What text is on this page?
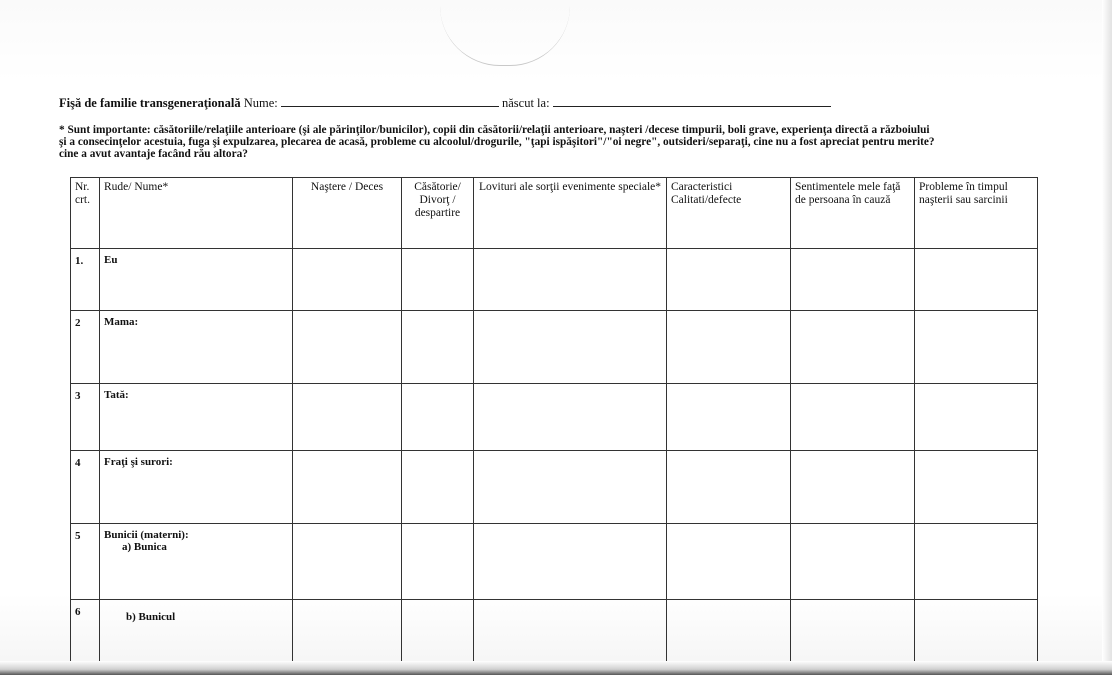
Fişă de familie transgeneraţională Nume:	născut la:
* Sunt importante: căsătoriile/relaţiile anterioare (şi ale părinţilor/bunicilor), copii din căsătorii/relaţii anterioare, naşteri /decese timpurii, boli grave, experienţa directă a războiului
şi a consecinţelor acestuia, fuga şi expulzarea, plecarea de acasă, probleme cu alcoolul/drogurile, "ţapi ispăşitori"/"oi negre", outsideri/separaţi, cine nu a fost apreciat pentru merite?
cine a avut avantaje facând rău altora?
Nr. crt.	Rude/ Nume*	Naştere / Deces	Căsătorie/ Divorţ / despartire	Lovituri ale sorţii evenimente speciale*	Caracteristici Calitati/defecte	Sentimentele mele faţă de persoana în cauză	Probleme în timpul naşterii sau sarcinii
1.	Eu						
2	Mama:						
3	Tată:						
4	Fraţi şi surori:						
5	Bunicii (materni):
a) Bunica						

6	b) Bunicul						
